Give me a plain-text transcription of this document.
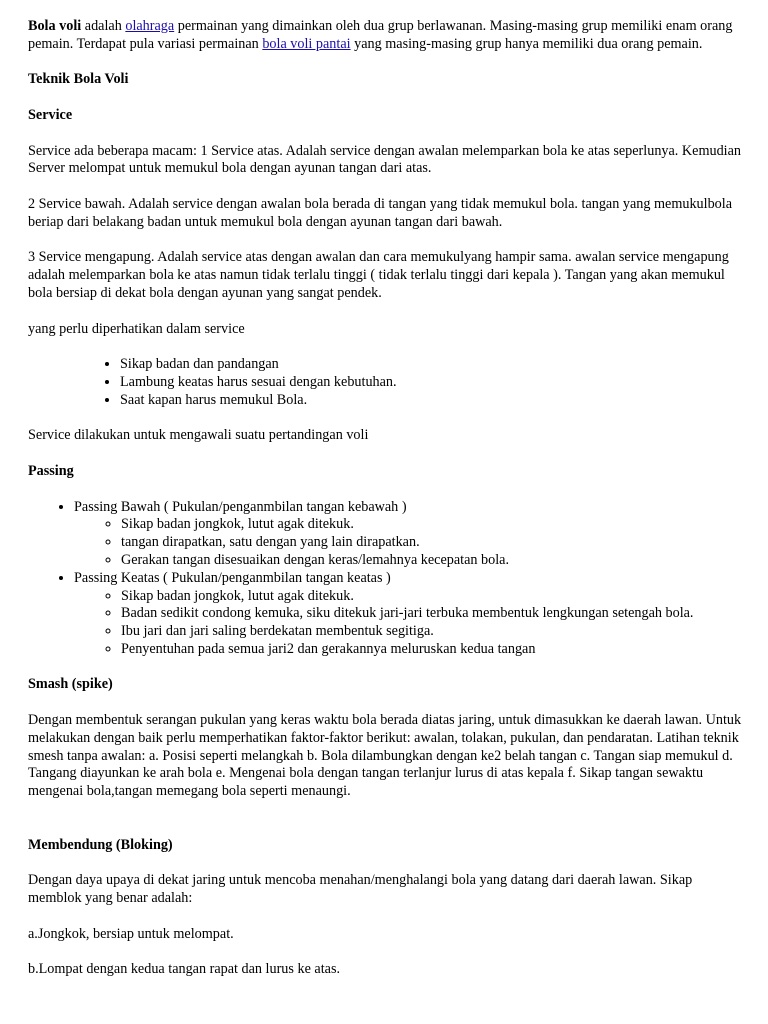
Bola voli adalah olahraga permainan yang dimainkan oleh dua grup berlawanan. Masing-masing grup memiliki enam orang pemain. Terdapat pula variasi permainan bola voli pantai yang masing-masing grup hanya memiliki dua orang pemain.

Teknik Bola Voli
Service

Service ada beberapa macam: 1 Service atas. Adalah service dengan awalan melemparkan bola ke atas seperlunya. Kemudian Server melompat untuk memukul bola dengan ayunan tangan dari atas.

2 Service bawah. Adalah service dengan awalan bola berada di tangan yang tidak memukul bola. tangan yang memukulbola beriap dari belakang badan untuk memukul bola dengan ayunan tangan dari bawah.

3 Service mengapung. Adalah service atas dengan awalan dan cara memukulyang hampir sama. awalan service mengapung adalah melemparkan bola ke atas namun tidak terlalu tinggi ( tidak terlalu tinggi dari kepala ). Tangan yang akan memukul bola bersiap di dekat bola dengan ayunan yang sangat pendek.

yang perlu diperhatikan dalam service

• Sikap badan dan pandangan
• Lambung keatas harus sesuai dengan kebutuhan.
• Saat kapan harus memukul Bola.

Service dilakukan untuk mengawali suatu pertandingan voli

Passing
• Passing Bawah ( Pukulan/penganmbilan tangan kebawah )
◦ Sikap badan jongkok, lutut agak ditekuk.
◦ tangan dirapatkan, satu dengan yang lain dirapatkan.
◦ Gerakan tangan disesuaikan dengan keras/lemahnya kecepatan bola.
• Passing Keatas ( Pukulan/penganmbilan tangan keatas )
◦ Sikap badan jongkok, lutut agak ditekuk.
◦ Badan sedikit condong kemuka, siku ditekuk jari-jari terbuka membentuk lengkungan setengah bola.
◦ Ibu jari dan jari saling berdekatan membentuk segitiga.
◦ Penyentuhan pada semua jari2 dan gerakannya meluruskan kedua tangan
Smash (spike)

Dengan membentuk serangan pukulan yang keras waktu bola berada diatas jaring, untuk dimasukkan ke daerah lawan. Untuk melakukan dengan baik perlu memperhatikan faktor-faktor berikut: awalan, tolakan, pukulan, dan pendaratan. Latihan teknik smesh tanpa awalan: a. Posisi seperti melangkah b. Bola dilambungkan dengan ke2 belah tangan c. Tangan siap memukul d. Tangang diayunkan ke arah bola e. Mengenai bola dengan tangan terlanjur lurus di atas kepala f. Sikap tangan sewaktu mengenai bola,tangan memegang bola seperti menaungi.

Membendung (Bloking)

Dengan daya upaya di dekat jaring untuk mencoba menahan/menghalangi bola yang datang dari daerah lawan. Sikap memblok yang benar adalah:

a.Jongkok, bersiap untuk melompat.

b.Lompat dengan kedua tangan rapat dan lurus ke atas.
